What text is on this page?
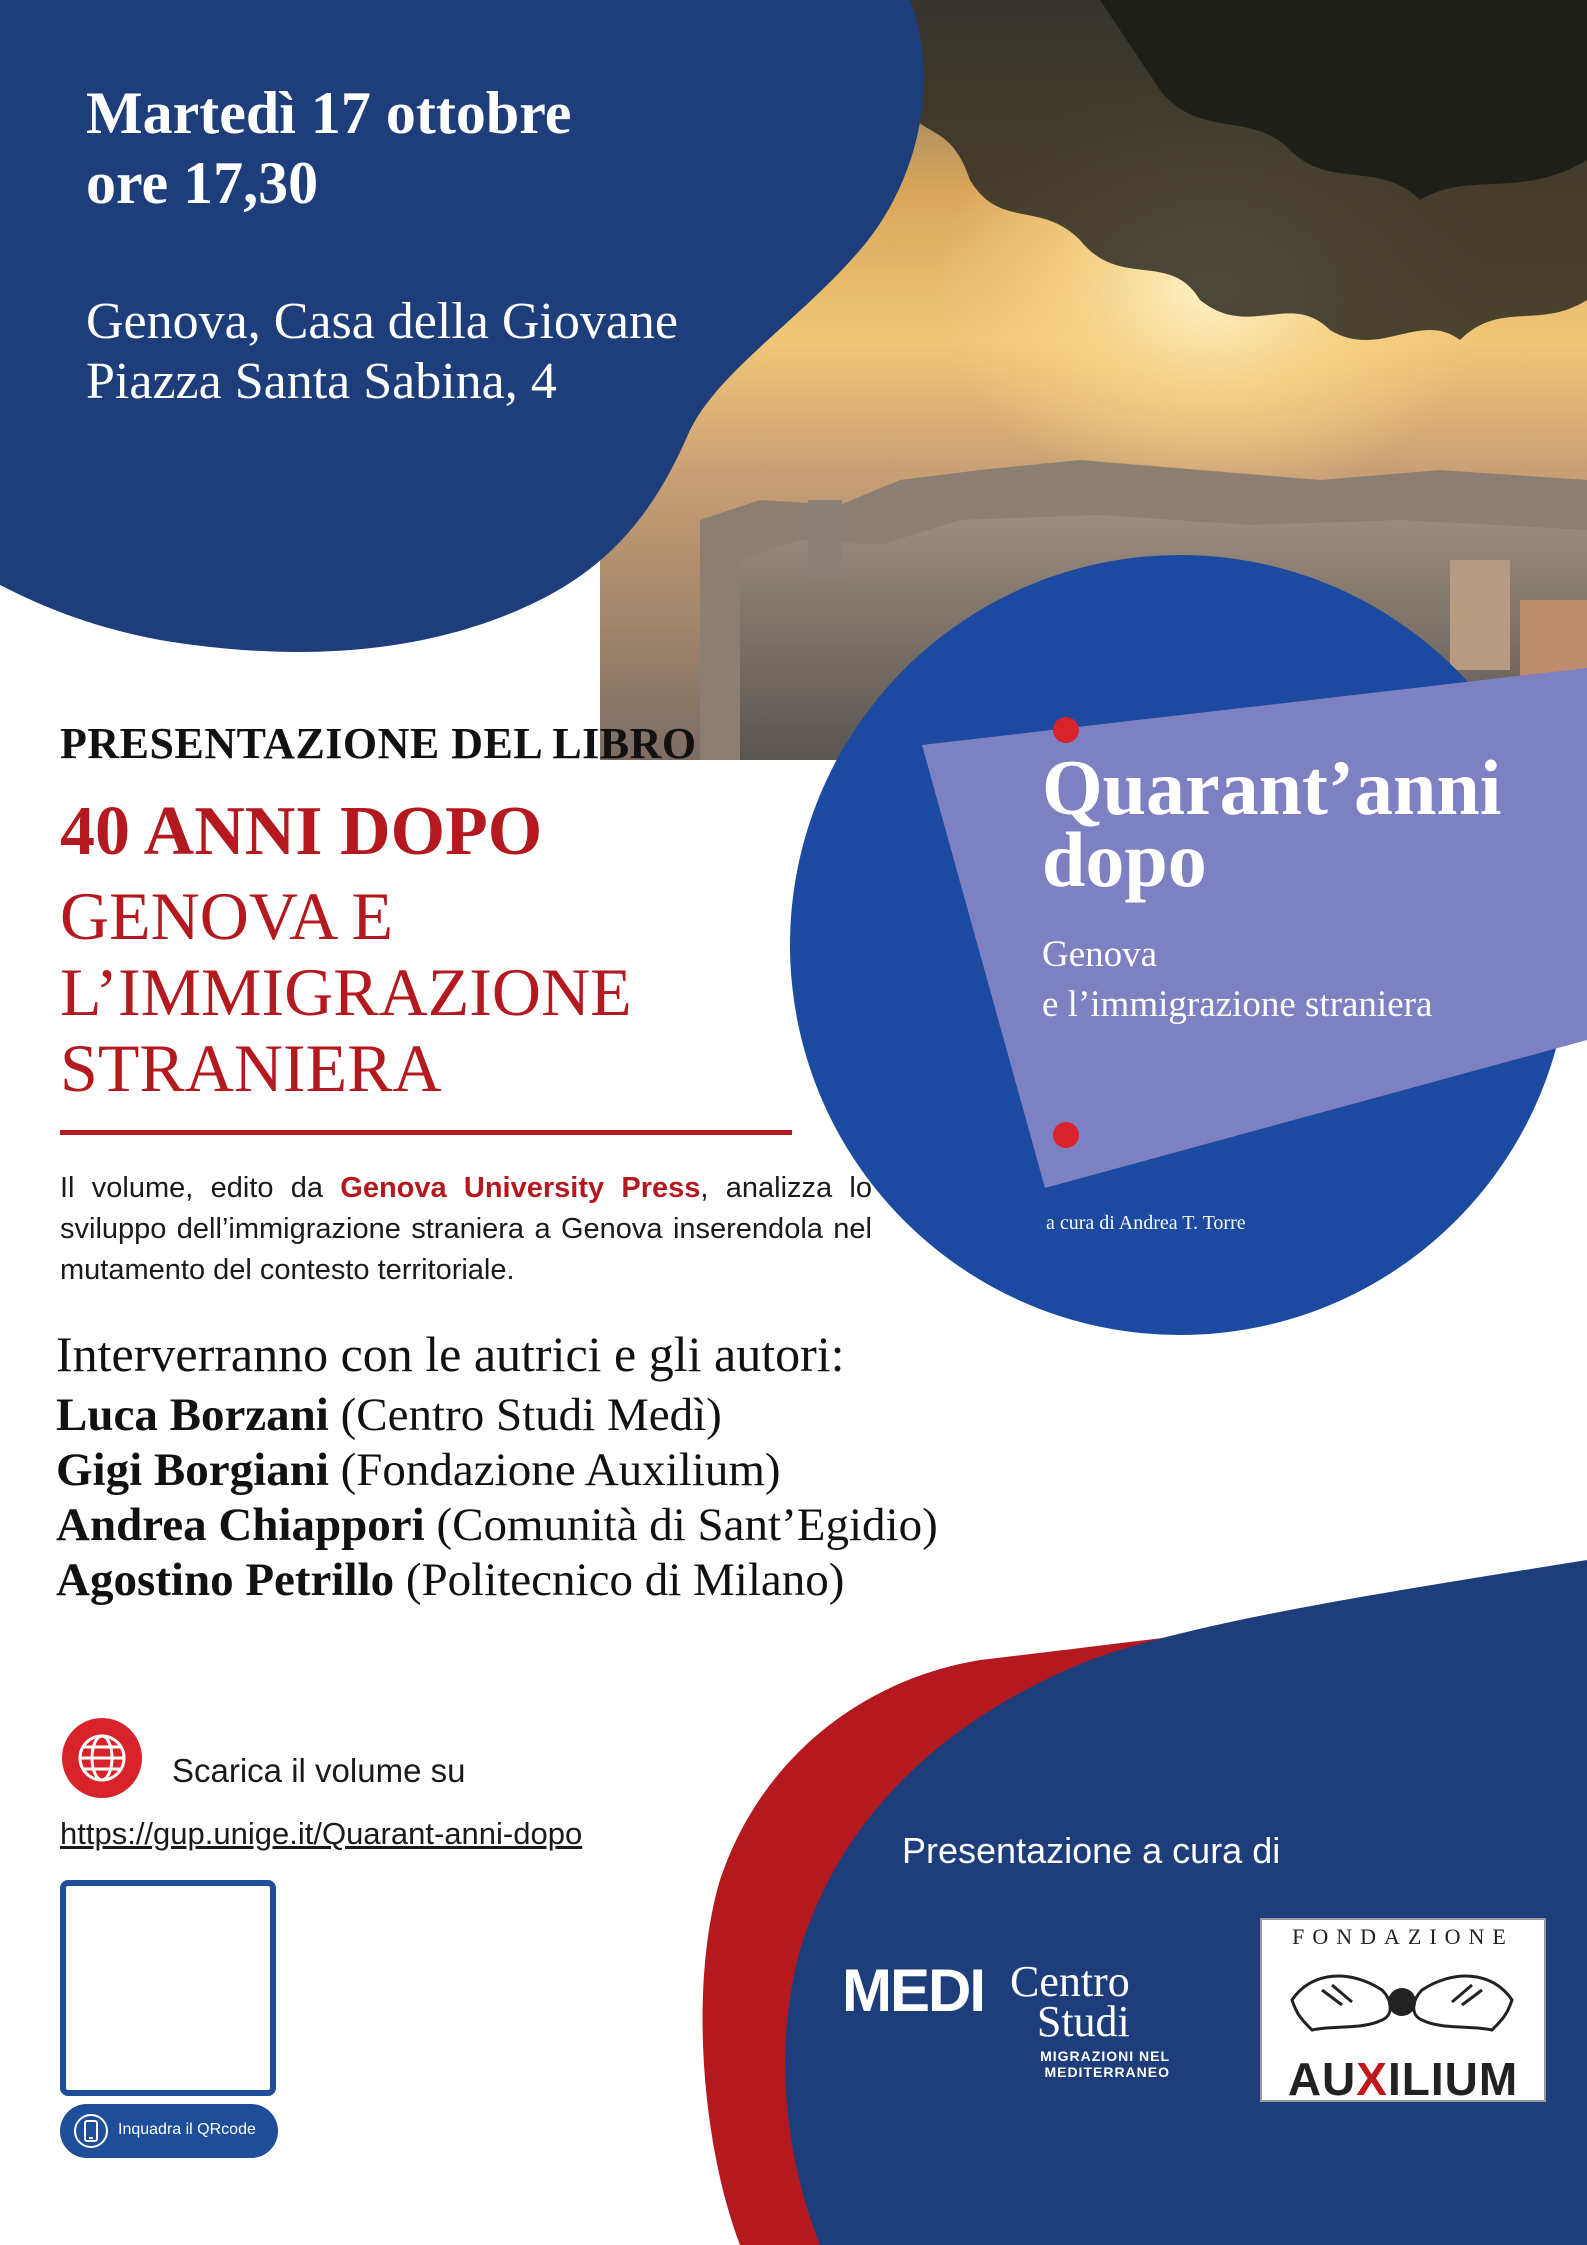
Martedì 17 ottobre
ore 17,30
Genova, Casa della Giovane
Piazza Santa Sabina, 4
PRESENTAZIONE DEL LIBRO
40 ANNI DOPO
GENOVA E
L’IMMIGRAZIONE
STRANIERA
Il volume, edito da Genova University Press, analizza lo sviluppo dell’immigrazione straniera a Genova inserendola nel mutamento del contesto territoriale.
Interverranno con le autrici e gli autori:
Luca Borzani (Centro Studi Medì)
Gigi Borgiani (Fondazione Auxilium)
Andrea Chiappori (Comunità di Sant’Egidio)
Agostino Petrillo (Politecnico di Milano)
Scarica il volume su
https://gup.unige.it/Quarant-anni-dopo
Inquadra il QRcode
Quarant’anni
dopo
Genova
e l’immigrazione straniera
a cura di Andrea T. Torre
Presentazione a cura di
MEDI Centro
Studi
MIGRAZIONI NEL MEDITERRANEO
FONDAZIONE
AUXILIUM
